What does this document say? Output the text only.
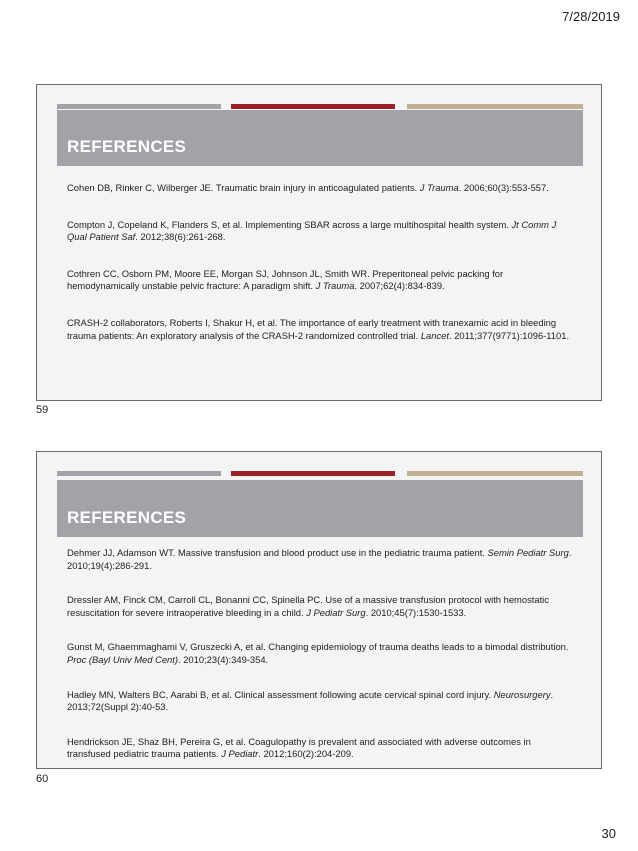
7/28/2019
REFERENCES

Cohen DB, Rinker C, Wilberger JE. Traumatic brain injury in anticoagulated patients. J Trauma. 2006;60(3):553-557.

Compton J, Copeland K, Flanders S, et al. Implementing SBAR across a large multihospital health system. Jt Comm J Qual Patient Saf. 2012;38(6):261-268.

Cothren CC, Osborn PM, Moore EE, Morgan SJ, Johnson JL, Smith WR. Preperitoneal pelvic packing for hemodynamically unstable pelvic fracture: A paradigm shift. J Trauma. 2007;62(4):834-839.

CRASH-2 collaborators, Roberts I, Shakur H, et al. The importance of early treatment with tranexamic acid in bleeding trauma patients: An exploratory analysis of the CRASH-2 randomized controlled trial. Lancet. 2011;377(9771):1096-1101.

59
REFERENCES

Dehmer JJ, Adamson WT. Massive transfusion and blood product use in the pediatric trauma patient. Semin Pediatr Surg. 2010;19(4):286-291.

Dressler AM, Finck CM, Carroll CL, Bonanni CC, Spinella PC. Use of a massive transfusion protocol with hemostatic resuscitation for severe intraoperative bleeding in a child. J Pediatr Surg. 2010;45(7):1530-1533.

Gunst M, Ghaemmaghami V, Gruszecki A, et al. Changing epidemiology of trauma deaths leads to a bimodal distribution. Proc (Bayl Univ Med Cent). 2010;23(4):349-354.

Hadley MN, Walters BC, Aarabi B, et al. Clinical assessment following acute cervical spinal cord injury. Neurosurgery. 2013;72(Suppl 2):40-53.

Hendrickson JE, Shaz BH, Pereira G, et al. Coagulopathy is prevalent and associated with adverse outcomes in transfused pediatric trauma patients. J Pediatr. 2012;160(2):204-209.

60
30
